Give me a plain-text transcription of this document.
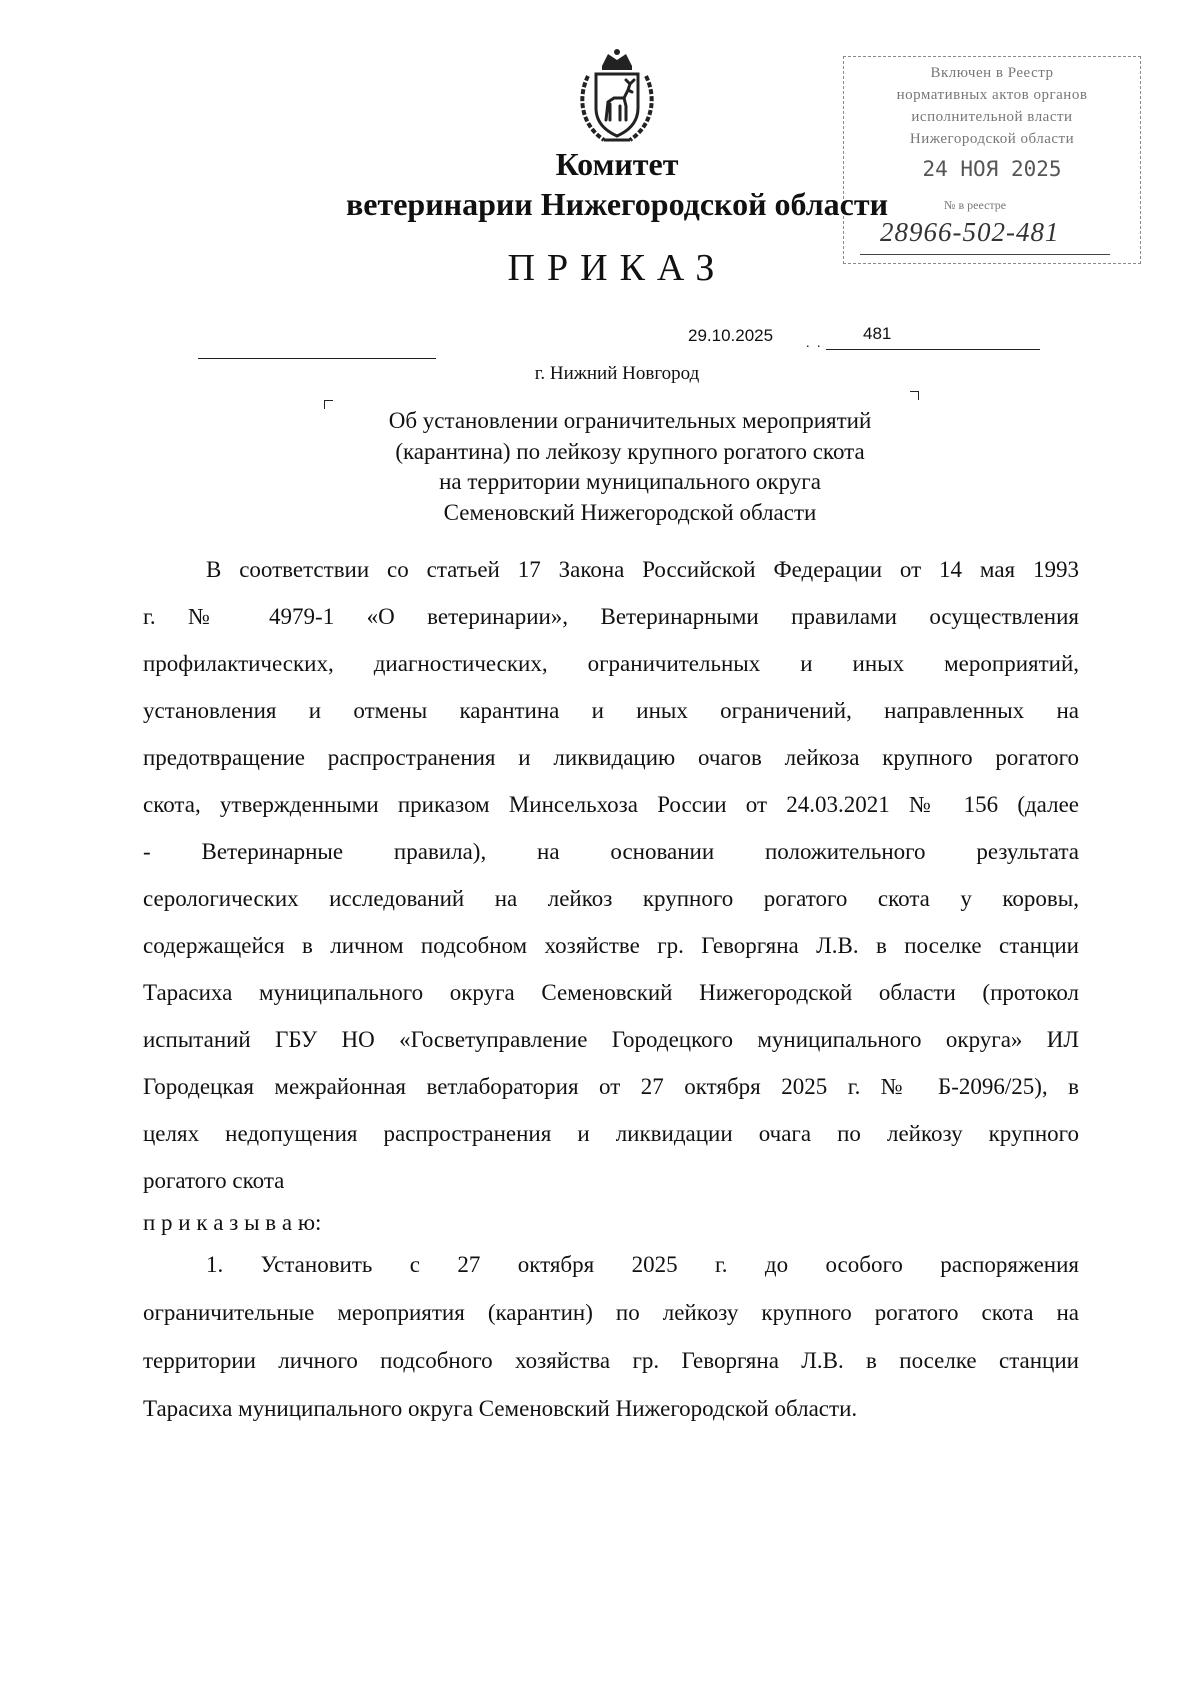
Включен в Реестр
нормативных актов органов
исполнительной власти
Нижегородской области
24 НОЯ 2025
№ в реестре
28966-502-481
Комитет
ветеринарии Нижегородской области
ПРИКАЗ
29.10.2025 . .
481
г. Нижний Новгород
Об установлении ограничительных мероприятий
(карантина) по лейкозу крупного рогатого скота
на территории муниципального округа
Семеновский Нижегородской области
В соответствии со статьей 17 Закона Российской Федерации от 14 мая 1993
г. № 4979-1 «О ветеринарии», Ветеринарными правилами осуществления
профилактических, диагностических, ограничительных и иных мероприятий,
установления и отмены карантина и иных ограничений, направленных на
предотвращение распространения и ликвидацию очагов лейкоза крупного рогатого
скота, утвержденными приказом Минсельхоза России от 24.03.2021 № 156 (далее
- Ветеринарные правила), на основании положительного результата
серологических исследований на лейкоз крупного рогатого скота у коровы,
содержащейся в личном подсобном хозяйстве гр. Геворгяна Л.В. в поселке станции
Тарасиха муниципального округа Семеновский Нижегородской области (протокол
испытаний ГБУ НО «Госветуправление Городецкого муниципального округа» ИЛ
Городецкая межрайонная ветлаборатория от 27 октября 2025 г. № Б-2096/25), в
целях недопущения распространения и ликвидации очага по лейкозу крупного
рогатого скота
п р и к а з ы в а ю:
1. Установить с 27 октября 2025 г. до особого распоряжения
ограничительные мероприятия (карантин) по лейкозу крупного рогатого скота на
территории личного подсобного хозяйства гр. Геворгяна Л.В. в поселке станции
Тарасиха муниципального округа Семеновский Нижегородской области.
